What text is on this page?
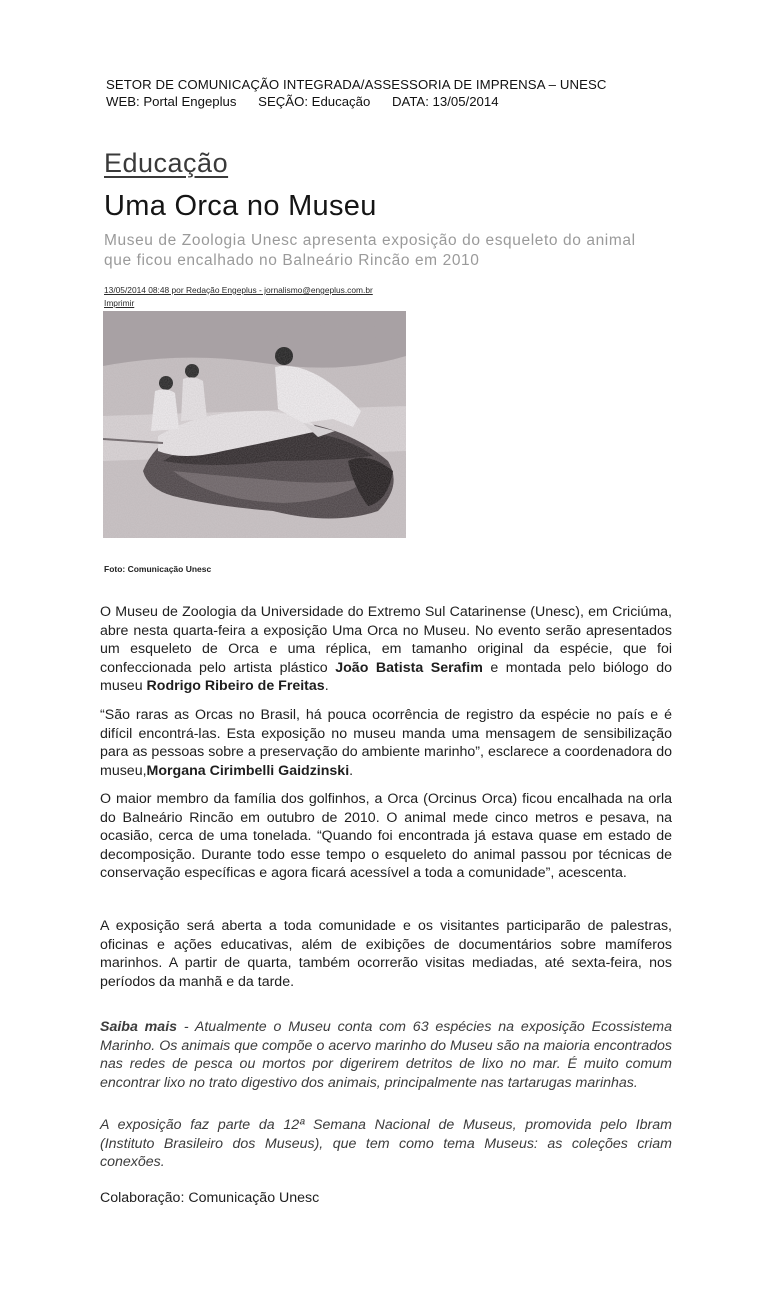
SETOR DE COMUNICAÇÃO INTEGRADA/ASSESSORIA DE IMPRENSA – UNESC
WEB: Portal Engeplus SEÇÃO: Educação DATA: 13/05/2014
Educação
Uma Orca no Museu
Museu de Zoologia Unesc apresenta exposição do esqueleto do animal que ficou encalhado no Balneário Rincão em 2010
13/05/2014 08:48 por Redação Engeplus - jornalismo@engeplus.com.br
Imprimir
Foto: Comunicação Unesc

O Museu de Zoologia da Universidade do Extremo Sul Catarinense (Unesc), em Criciúma, abre nesta quarta-feira a exposição Uma Orca no Museu. No evento serão apresentados um esqueleto de Orca e uma réplica, em tamanho original da espécie, que foi confeccionada pelo artista plástico João Batista Serafim e montada pelo biólogo do museu Rodrigo Ribeiro de Freitas.

“São raras as Orcas no Brasil, há pouca ocorrência de registro da espécie no país e é difícil encontrá-las. Esta exposição no museu manda uma mensagem de sensibilização para as pessoas sobre a preservação do ambiente marinho”, esclarece a coordenadora do museu,Morgana Cirimbelli Gaidzinski.

O maior membro da família dos golfinhos, a Orca (Orcinus Orca) ficou encalhada na orla do Balneário Rincão em outubro de 2010. O animal mede cinco metros e pesava, na ocasião, cerca de uma tonelada. “Quando foi encontrada já estava quase em estado de decomposição. Durante todo esse tempo o esqueleto do animal passou por técnicas de conservação específicas e agora ficará acessível a toda a comunidade”, acescenta.

A exposição será aberta a toda comunidade e os visitantes participarão de palestras, oficinas e ações educativas, além de exibições de documentários sobre mamíferos marinhos. A partir de quarta, também ocorrerão visitas mediadas, até sexta-feira, nos períodos da manhã e da tarde.

Saiba mais - Atualmente o Museu conta com 63 espécies na exposição Ecossistema Marinho. Os animais que compõe o acervo marinho do Museu são na maioria encontrados nas redes de pesca ou mortos por digerirem detritos de lixo no mar. É muito comum encontrar lixo no trato digestivo dos animais, principalmente nas tartarugas marinhas.

A exposição faz parte da 12ª Semana Nacional de Museus, promovida pelo Ibram (Instituto Brasileiro dos Museus), que tem como tema Museus: as coleções criam conexões.

Colaboração: Comunicação Unesc
